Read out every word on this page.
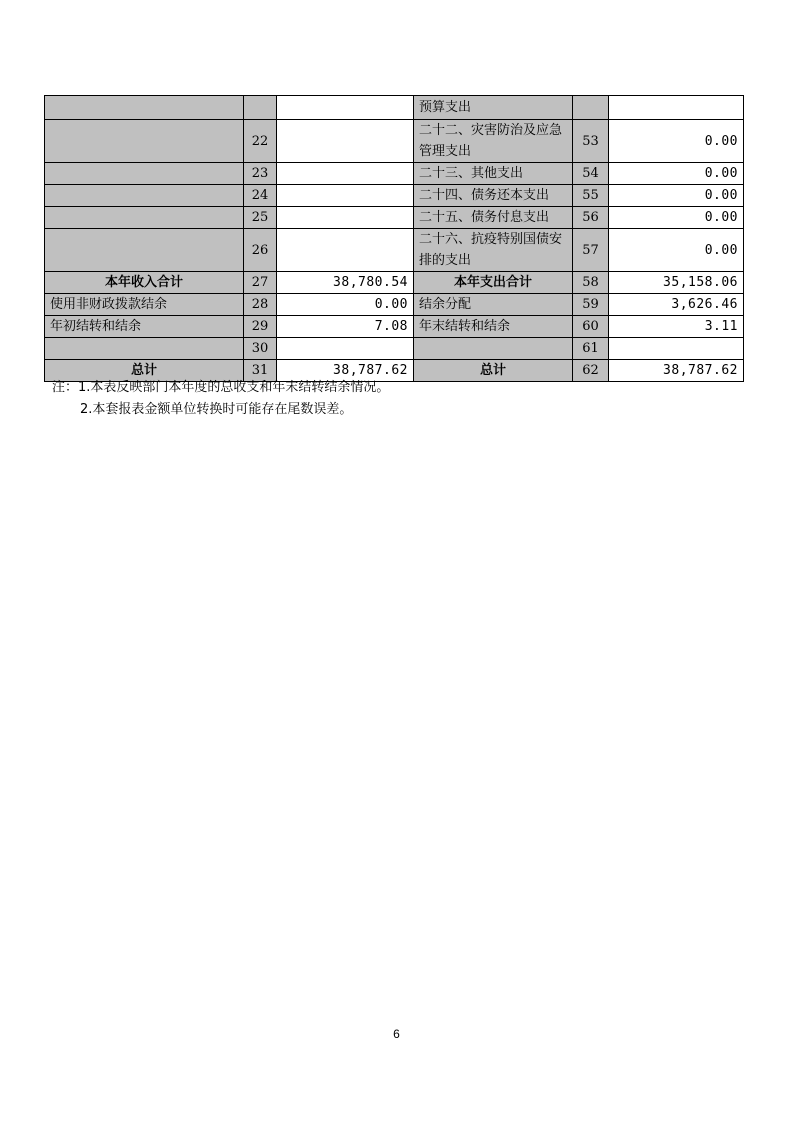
			预算支出		
	22		二十二、灾害防治及应急管理支出	53	0.00
	23		二十三、其他支出	54	0.00
	24		二十四、债务还本支出	55	0.00
	25		二十五、债务付息支出	56	0.00
	26		二十六、抗疫特别国债安排的支出	57	0.00
本年收入合计	27	38,780.54	本年支出合计	58	35,158.06
使用非财政拨款结余	28	0.00	结余分配	59	3,626.46
年初结转和结余	29	7.08	年末结转和结余	60	3.11
	30			61	
总计	31	38,787.62	总计	62	38,787.62
注：1.本表反映部门本年度的总收支和年末结转结余情况。
2.本套报表金额单位转换时可能存在尾数误差。
6
